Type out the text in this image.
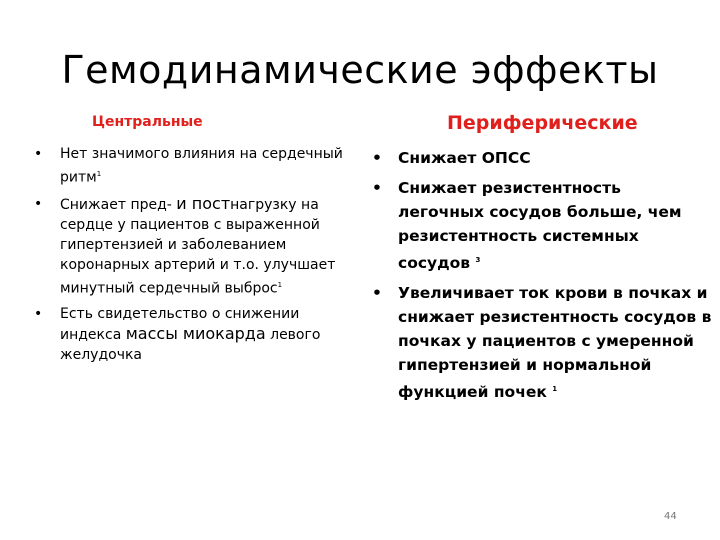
Гемодинамические эффекты
Центральные	Периферические
• Нет значимого влияния на сердечный ритм$^1$
• Снижает пред- и постнагрузку на сердце у пациентов с выраженной гипертензией и заболеванием коронарных артерий и т.о. улучшает минутный сердечный выброс$^1$
• Есть свидетельство о снижении индекса массы миокарда левого желудочка
• Снижает ОПСС
• Снижает резистентность легочных сосудов больше, чем резистентность системных сосудов $^3$
• Увеличивает ток крови в почках и снижает резистентность сосудов в почках у пациентов с умеренной гипертензией и нормальной функцией почек $^1$
44
